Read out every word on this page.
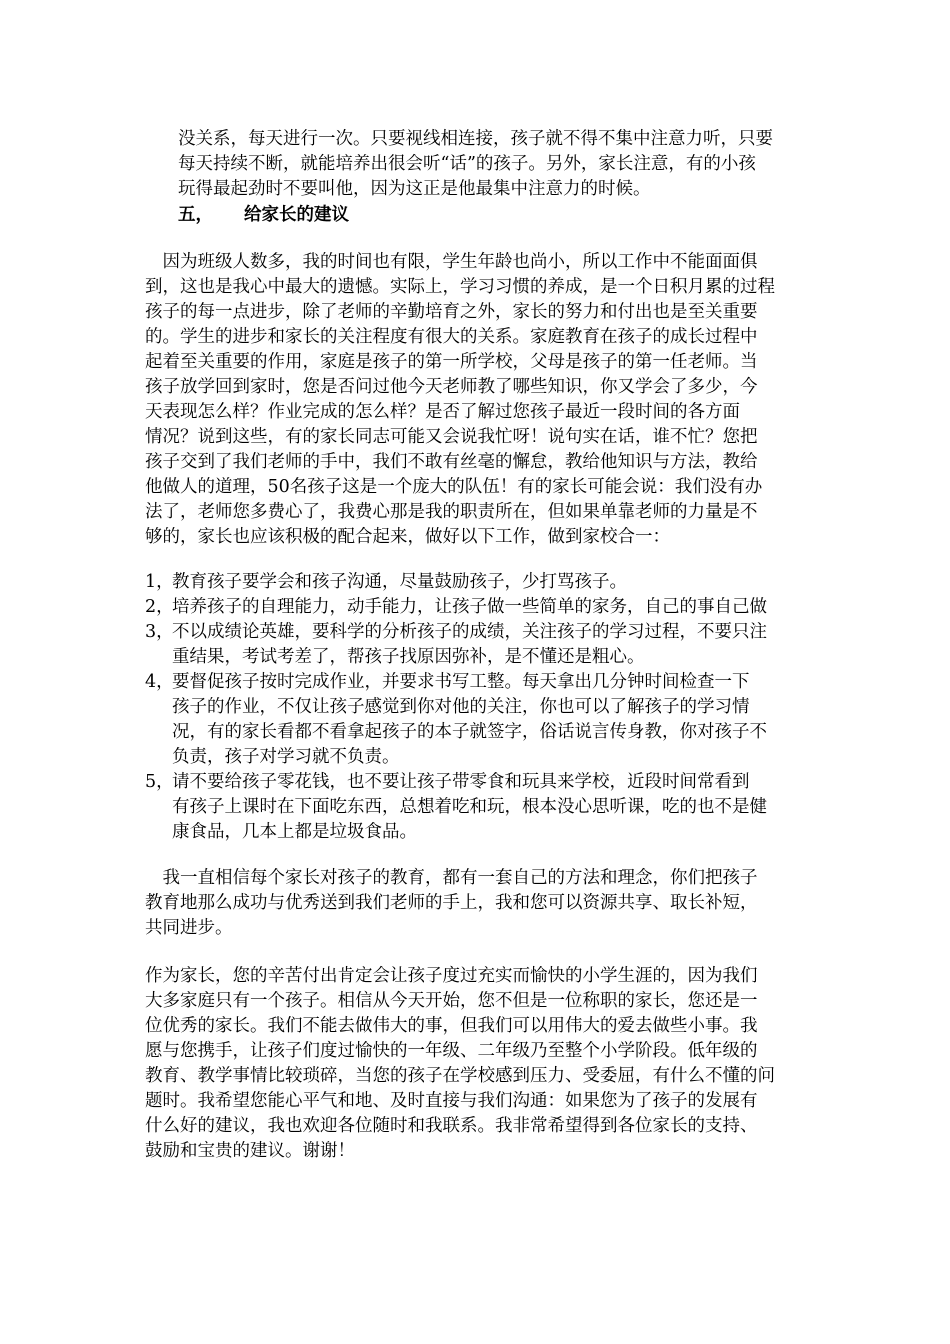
没关系，每天进行一次。只要视线相连接，孩子就不得不集中注意力听，只要
每天持续不断，就能培养出很会听“话”的孩子。另外，家长注意，有的小孩
玩得最起劲时不要叫他，因为这正是他最集中注意力的时候。
五， 给家长的建议
　因为班级人数多，我的时间也有限，学生年龄也尚小，所以工作中不能面面俱
到，这也是我心中最大的遗憾。实际上，学习习惯的养成，是一个日积月累的过程
孩子的每一点进步，除了老师的辛勤培育之外，家长的努力和付出也是至关重要
的。学生的进步和家长的关注程度有很大的关系。家庭教育在孩子的成长过程中
起着至关重要的作用，家庭是孩子的第一所学校，父母是孩子的第一任老师。当
孩子放学回到家时，您是否问过他今天老师教了哪些知识，你又学会了多少，今
天表现怎么样？作业完成的怎么样？是否了解过您孩子最近一段时间的各方面
情况？说到这些，有的家长同志可能又会说我忙呀！说句实在话，谁不忙？您把
孩子交到了我们老师的手中，我们不敢有丝毫的懈怠，教给他知识与方法，教给
他做人的道理，50名孩子这是一个庞大的队伍！有的家长可能会说：我们没有办
法了，老师您多费心了，我费心那是我的职责所在，但如果单靠老师的力量是不
够的，家长也应该积极的配合起来，做好以下工作，做到家校合一：
1，
教育孩子要学会和孩子沟通，尽量鼓励孩子，少打骂孩子。
2，
培养孩子的自理能力，动手能力，让孩子做一些简单的家务，自己的事自己做
3，
不以成绩论英雄，要科学的分析孩子的成绩，关注孩子的学习过程，不要只注
重结果，考试考差了，帮孩子找原因弥补，是不懂还是粗心。
4，
要督促孩子按时完成作业，并要求书写工整。每天拿出几分钟时间检查一下
孩子的作业，不仅让孩子感觉到你对他的关注，你也可以了解孩子的学习情
况，有的家长看都不看拿起孩子的本子就签字，俗话说言传身教，你对孩子不
负责，孩子对学习就不负责。
5，
请不要给孩子零花钱，也不要让孩子带零食和玩具来学校，近段时间常看到
有孩子上课时在下面吃东西，总想着吃和玩，根本没心思听课，吃的也不是健
康食品，几本上都是垃圾食品。
　我一直相信每个家长对孩子的教育，都有一套自己的方法和理念，你们把孩子
教育地那么成功与优秀送到我们老师的手上，我和您可以资源共享、取长补短，
共同进步。
作为家长，您的辛苦付出肯定会让孩子度过充实而愉快的小学生涯的，因为我们
大多家庭只有一个孩子。相信从今天开始，您不但是一位称职的家长，您还是一
位优秀的家长。我们不能去做伟大的事，但我们可以用伟大的爱去做些小事。我
愿与您携手，让孩子们度过愉快的一年级、二年级乃至整个小学阶段。低年级的
教育、教学事情比较琐碎，当您的孩子在学校感到压力、受委屈，有什么不懂的问
题时。我希望您能心平气和地、及时直接与我们沟通：如果您为了孩子的发展有
什么好的建议，我也欢迎各位随时和我联系。我非常希望得到各位家长的支持、
鼓励和宝贵的建议。谢谢！
